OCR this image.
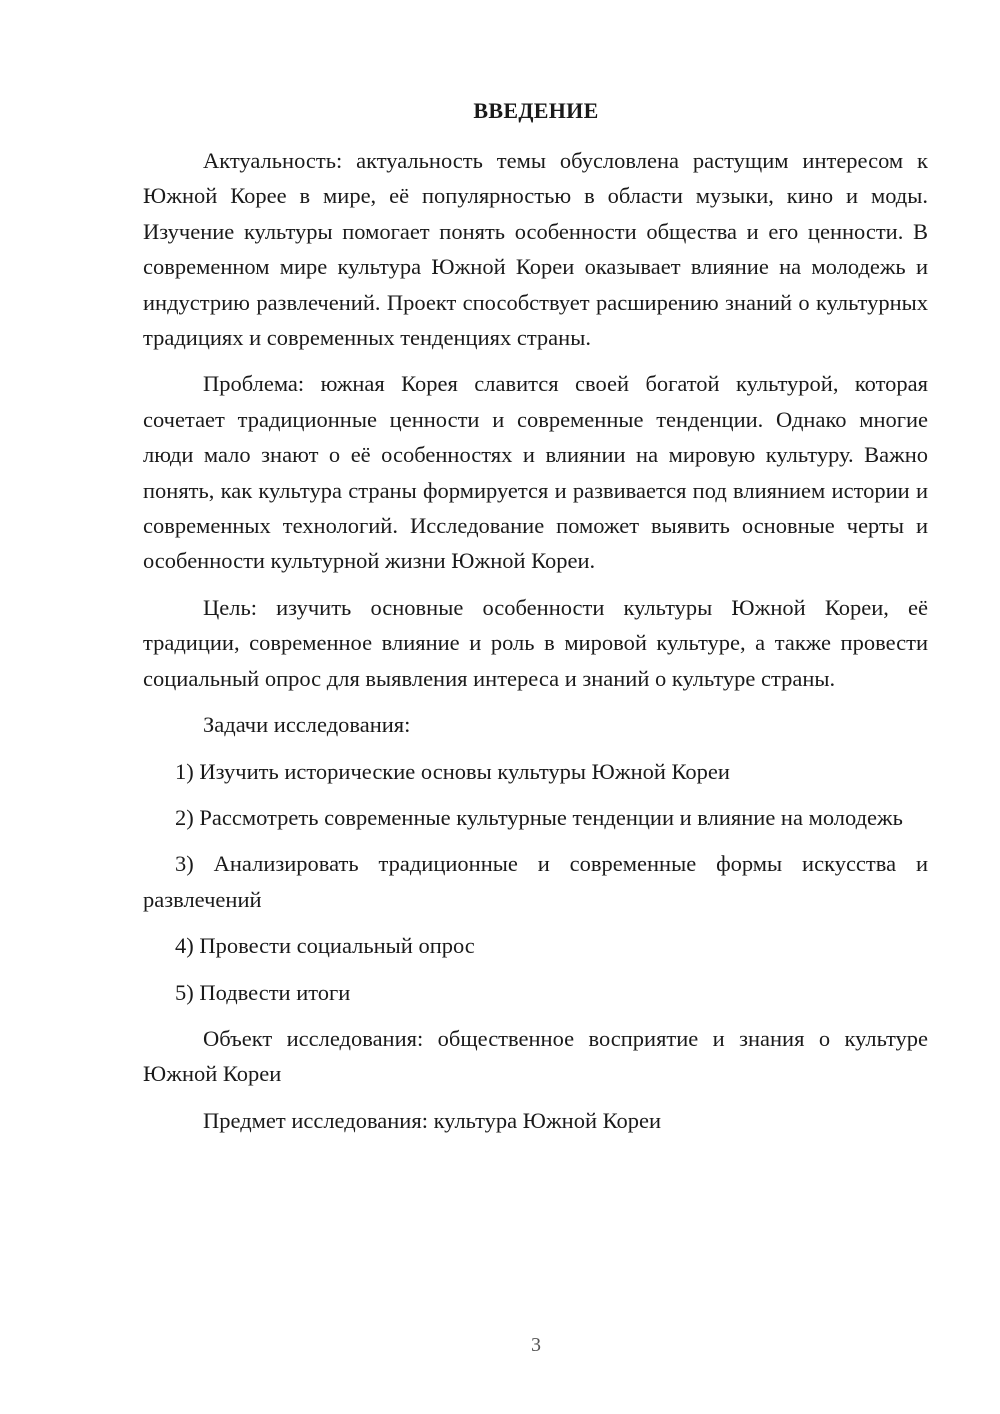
ВВЕДЕНИЕ

Актуальность: актуальность темы обусловлена растущим интересом к Южной Корее в мире, её популярностью в области музыки, кино и моды. Изучение культуры помогает понять особенности общества и его ценности. В современном мире культура Южной Кореи оказывает влияние на молодежь и индустрию развлечений. Проект способствует расширению знаний о культурных традициях и современных тенденциях страны.

Проблема: южная Корея славится своей богатой культурой, которая сочетает традиционные ценности и современные тенденции. Однако многие люди мало знают о её особенностях и влиянии на мировую культуру. Важно понять, как культура страны формируется и развивается под влиянием истории и современных технологий. Исследование поможет выявить основные черты и особенности культурной жизни Южной Кореи.

Цель: изучить основные особенности культуры Южной Кореи, её традиции, современное влияние и роль в мировой культуре, а также провести социальный опрос для выявления интереса и знаний о культуре страны.

Задачи исследования:

1) Изучить исторические основы культуры Южной Кореи

2) Рассмотреть современные культурные тенденции и влияние на молодежь

3) Анализировать традиционные и современные формы искусства и развлечений

4) Провести социальный опрос

5) Подвести итоги

Объект исследования: общественное восприятие и знания о культуре Южной Кореи

Предмет исследования: культура Южной Кореи

3
